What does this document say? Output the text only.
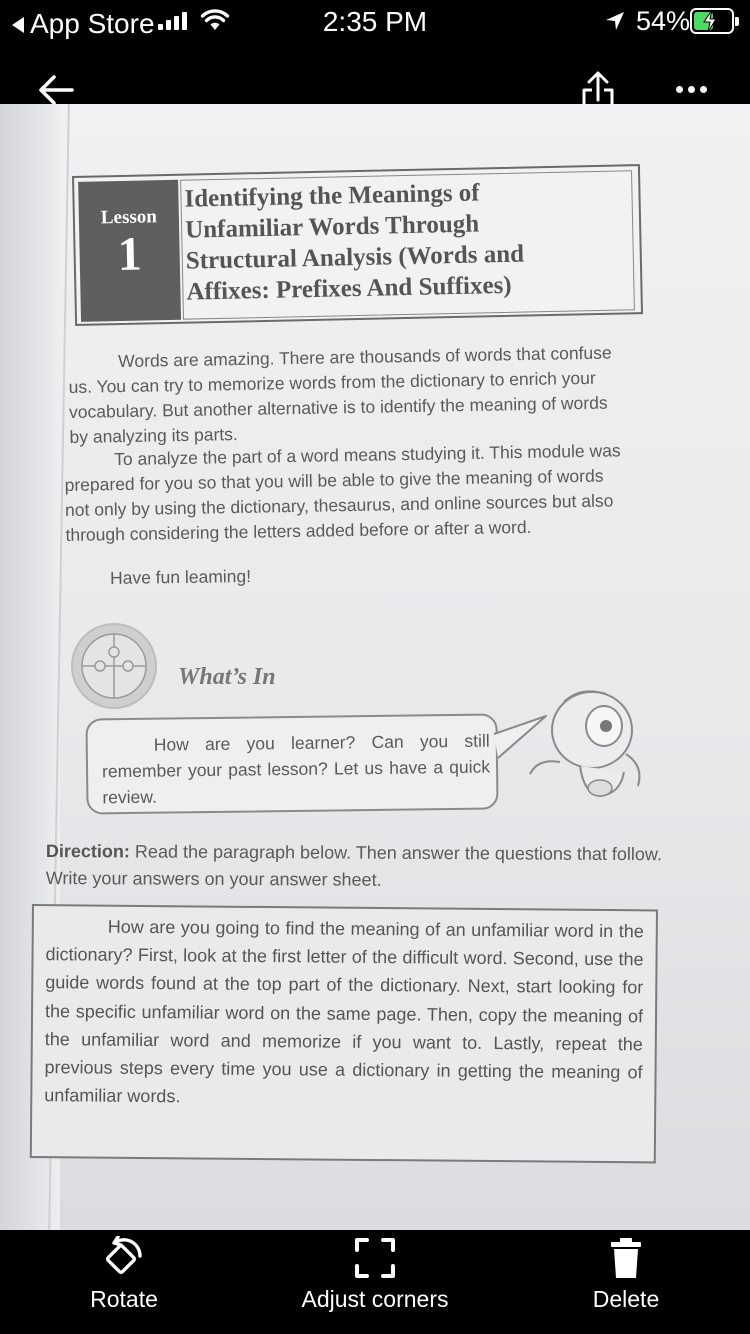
App Store	2:35 PM	54%
Lesson
1
Identifying the Meanings of
Unfamiliar Words Through
Structural Analysis (Words and
Affixes: Prefixes And Suffixes)
Words are amazing. There are thousands of words that confuse
us. You can try to memorize words from the dictionary to enrich your
vocabulary. But another alternative is to identify the meaning of words
by analyzing its parts.
To analyze the part of a word means studying it. This module was
prepared for you so that you will be able to give the meaning of words
not only by using the dictionary, thesaurus, and online sources but also
through considering the letters added before or after a word.
Have fun leaming!
What’s In
How are you learner? Can you still remember your past lesson? Let us have a quick review.
Direction: Read the paragraph below. Then answer the questions that follow. Write your answers on your answer sheet.
How are you going to find the meaning of an unfamiliar word in the dictionary? First, look at the first letter of the difficult word. Second, use the guide words found at the top part of the dictionary. Next, start looking for the specific unfamiliar word on the same page. Then, copy the meaning of the unfamiliar word and memorize if you want to. Lastly, repeat the previous steps every time you use a dictionary in getting the meaning of unfamiliar words.
Rotate	Adjust corners	Delete
